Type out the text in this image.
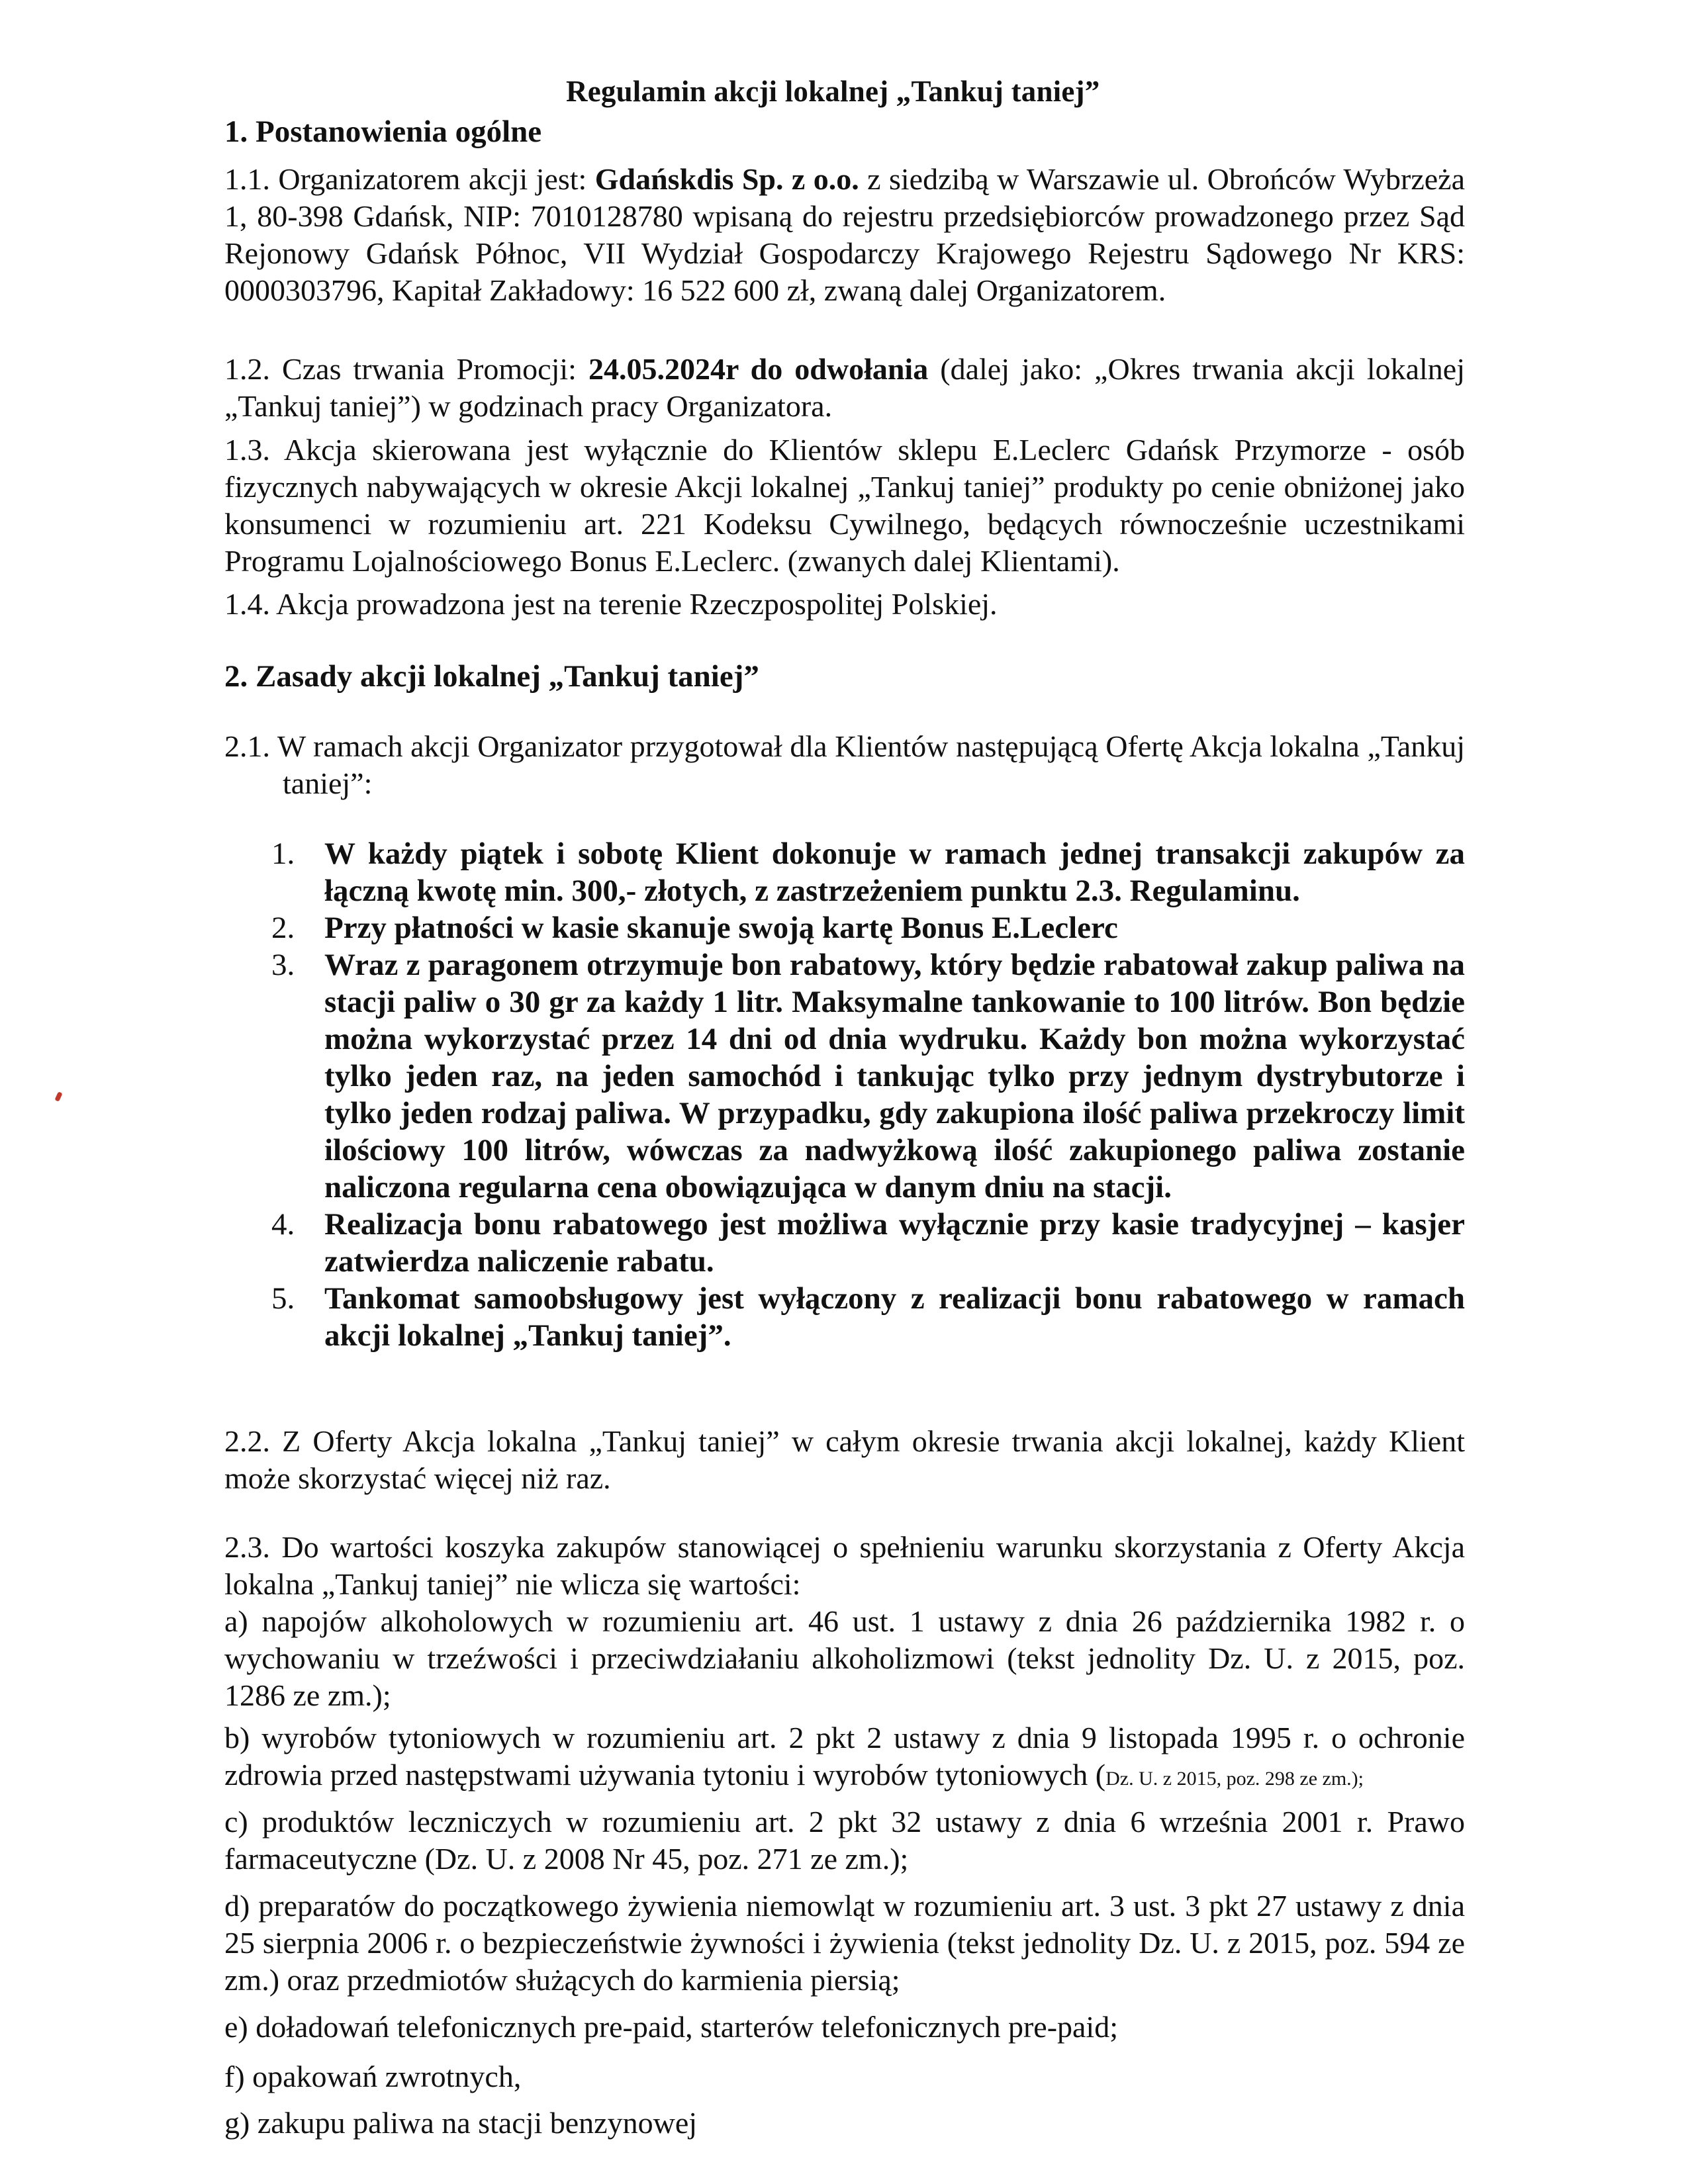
Regulamin akcji lokalnej „Tankuj taniej”
1. Postanowienia ogólne
1.1. Organizatorem akcji jest: Gdańskdis Sp. z o.o. z siedzibą w Warszawie ul. Obrońców Wybrzeża 1, 80-398 Gdańsk, NIP: 7010128780 wpisaną do rejestru przedsiębiorców prowadzonego przez Sąd Rejonowy Gdańsk Północ, VII Wydział Gospodarczy Krajowego Rejestru Sądowego Nr KRS: 0000303796, Kapitał Zakładowy: 16 522 600 zł, zwaną dalej Organizatorem.
1.2. Czas trwania Promocji: 24.05.2024r do odwołania (dalej jako: „Okres trwania akcji lokalnej „Tankuj taniej”) w godzinach pracy Organizatora.
1.3. Akcja skierowana jest wyłącznie do Klientów sklepu E.Leclerc Gdańsk Przymorze - osób fizycznych nabywających w okresie Akcji lokalnej „Tankuj taniej” produkty po cenie obniżonej jako konsumenci w rozumieniu art. 221 Kodeksu Cywilnego, będących równocześnie uczestnikami Programu Lojalnościowego Bonus E.Leclerc. (zwanych dalej Klientami).
1.4. Akcja prowadzona jest na terenie Rzeczpospolitej Polskiej.
2. Zasady akcji lokalnej „Tankuj taniej”
2.1. W ramach akcji Organizator przygotował dla Klientów następującą Ofertę Akcja lokalna „Tankuj taniej”:
1. W każdy piątek i sobotę Klient dokonuje w ramach jednej transakcji zakupów za łączną kwotę min. 300,- złotych, z zastrzeżeniem punktu 2.3. Regulaminu.
2. Przy płatności w kasie skanuje swoją kartę Bonus E.Leclerc
3. Wraz z paragonem otrzymuje bon rabatowy, który będzie rabatował zakup paliwa na stacji paliw o 30 gr za każdy 1 litr. Maksymalne tankowanie to 100 litrów. Bon będzie można wykorzystać przez 14 dni od dnia wydruku. Każdy bon można wykorzystać tylko jeden raz, na jeden samochód i tankując tylko przy jednym dystrybutorze i tylko jeden rodzaj paliwa. W przypadku, gdy zakupiona ilość paliwa przekroczy limit ilościowy 100 litrów, wówczas za nadwyżkową ilość zakupionego paliwa zostanie naliczona regularna cena obowiązująca w danym dniu na stacji.
4. Realizacja bonu rabatowego jest możliwa wyłącznie przy kasie tradycyjnej – kasjer zatwierdza naliczenie rabatu.
5. Tankomat samoobsługowy jest wyłączony z realizacji bonu rabatowego w ramach akcji lokalnej „Tankuj taniej”.
2.2. Z Oferty Akcja lokalna „Tankuj taniej” w całym okresie trwania akcji lokalnej, każdy Klient może skorzystać więcej niż raz.
2.3. Do wartości koszyka zakupów stanowiącej o spełnieniu warunku skorzystania z Oferty Akcja lokalna „Tankuj taniej” nie wlicza się wartości:
a) napojów alkoholowych w rozumieniu art. 46 ust. 1 ustawy z dnia 26 października 1982 r. o wychowaniu w trzeźwości i przeciwdziałaniu alkoholizmowi (tekst jednolity Dz. U. z 2015, poz. 1286 ze zm.);
b) wyrobów tytoniowych w rozumieniu art. 2 pkt 2 ustawy z dnia 9 listopada 1995 r. o ochronie zdrowia przed następstwami używania tytoniu i wyrobów tytoniowych (Dz. U. z 2015, poz. 298 ze zm.);
c) produktów leczniczych w rozumieniu art. 2 pkt 32 ustawy z dnia 6 września 2001 r. Prawo farmaceutyczne (Dz. U. z 2008 Nr 45, poz. 271 ze zm.);
d) preparatów do początkowego żywienia niemowląt w rozumieniu art. 3 ust. 3 pkt 27 ustawy z dnia 25 sierpnia 2006 r. o bezpieczeństwie żywności i żywienia (tekst jednolity Dz. U. z 2015, poz. 594 ze zm.) oraz przedmiotów służących do karmienia piersią;
e) doładowań telefonicznych pre-paid, starterów telefonicznych pre-paid;
f) opakowań zwrotnych,
g) zakupu paliwa na stacji benzynowej
